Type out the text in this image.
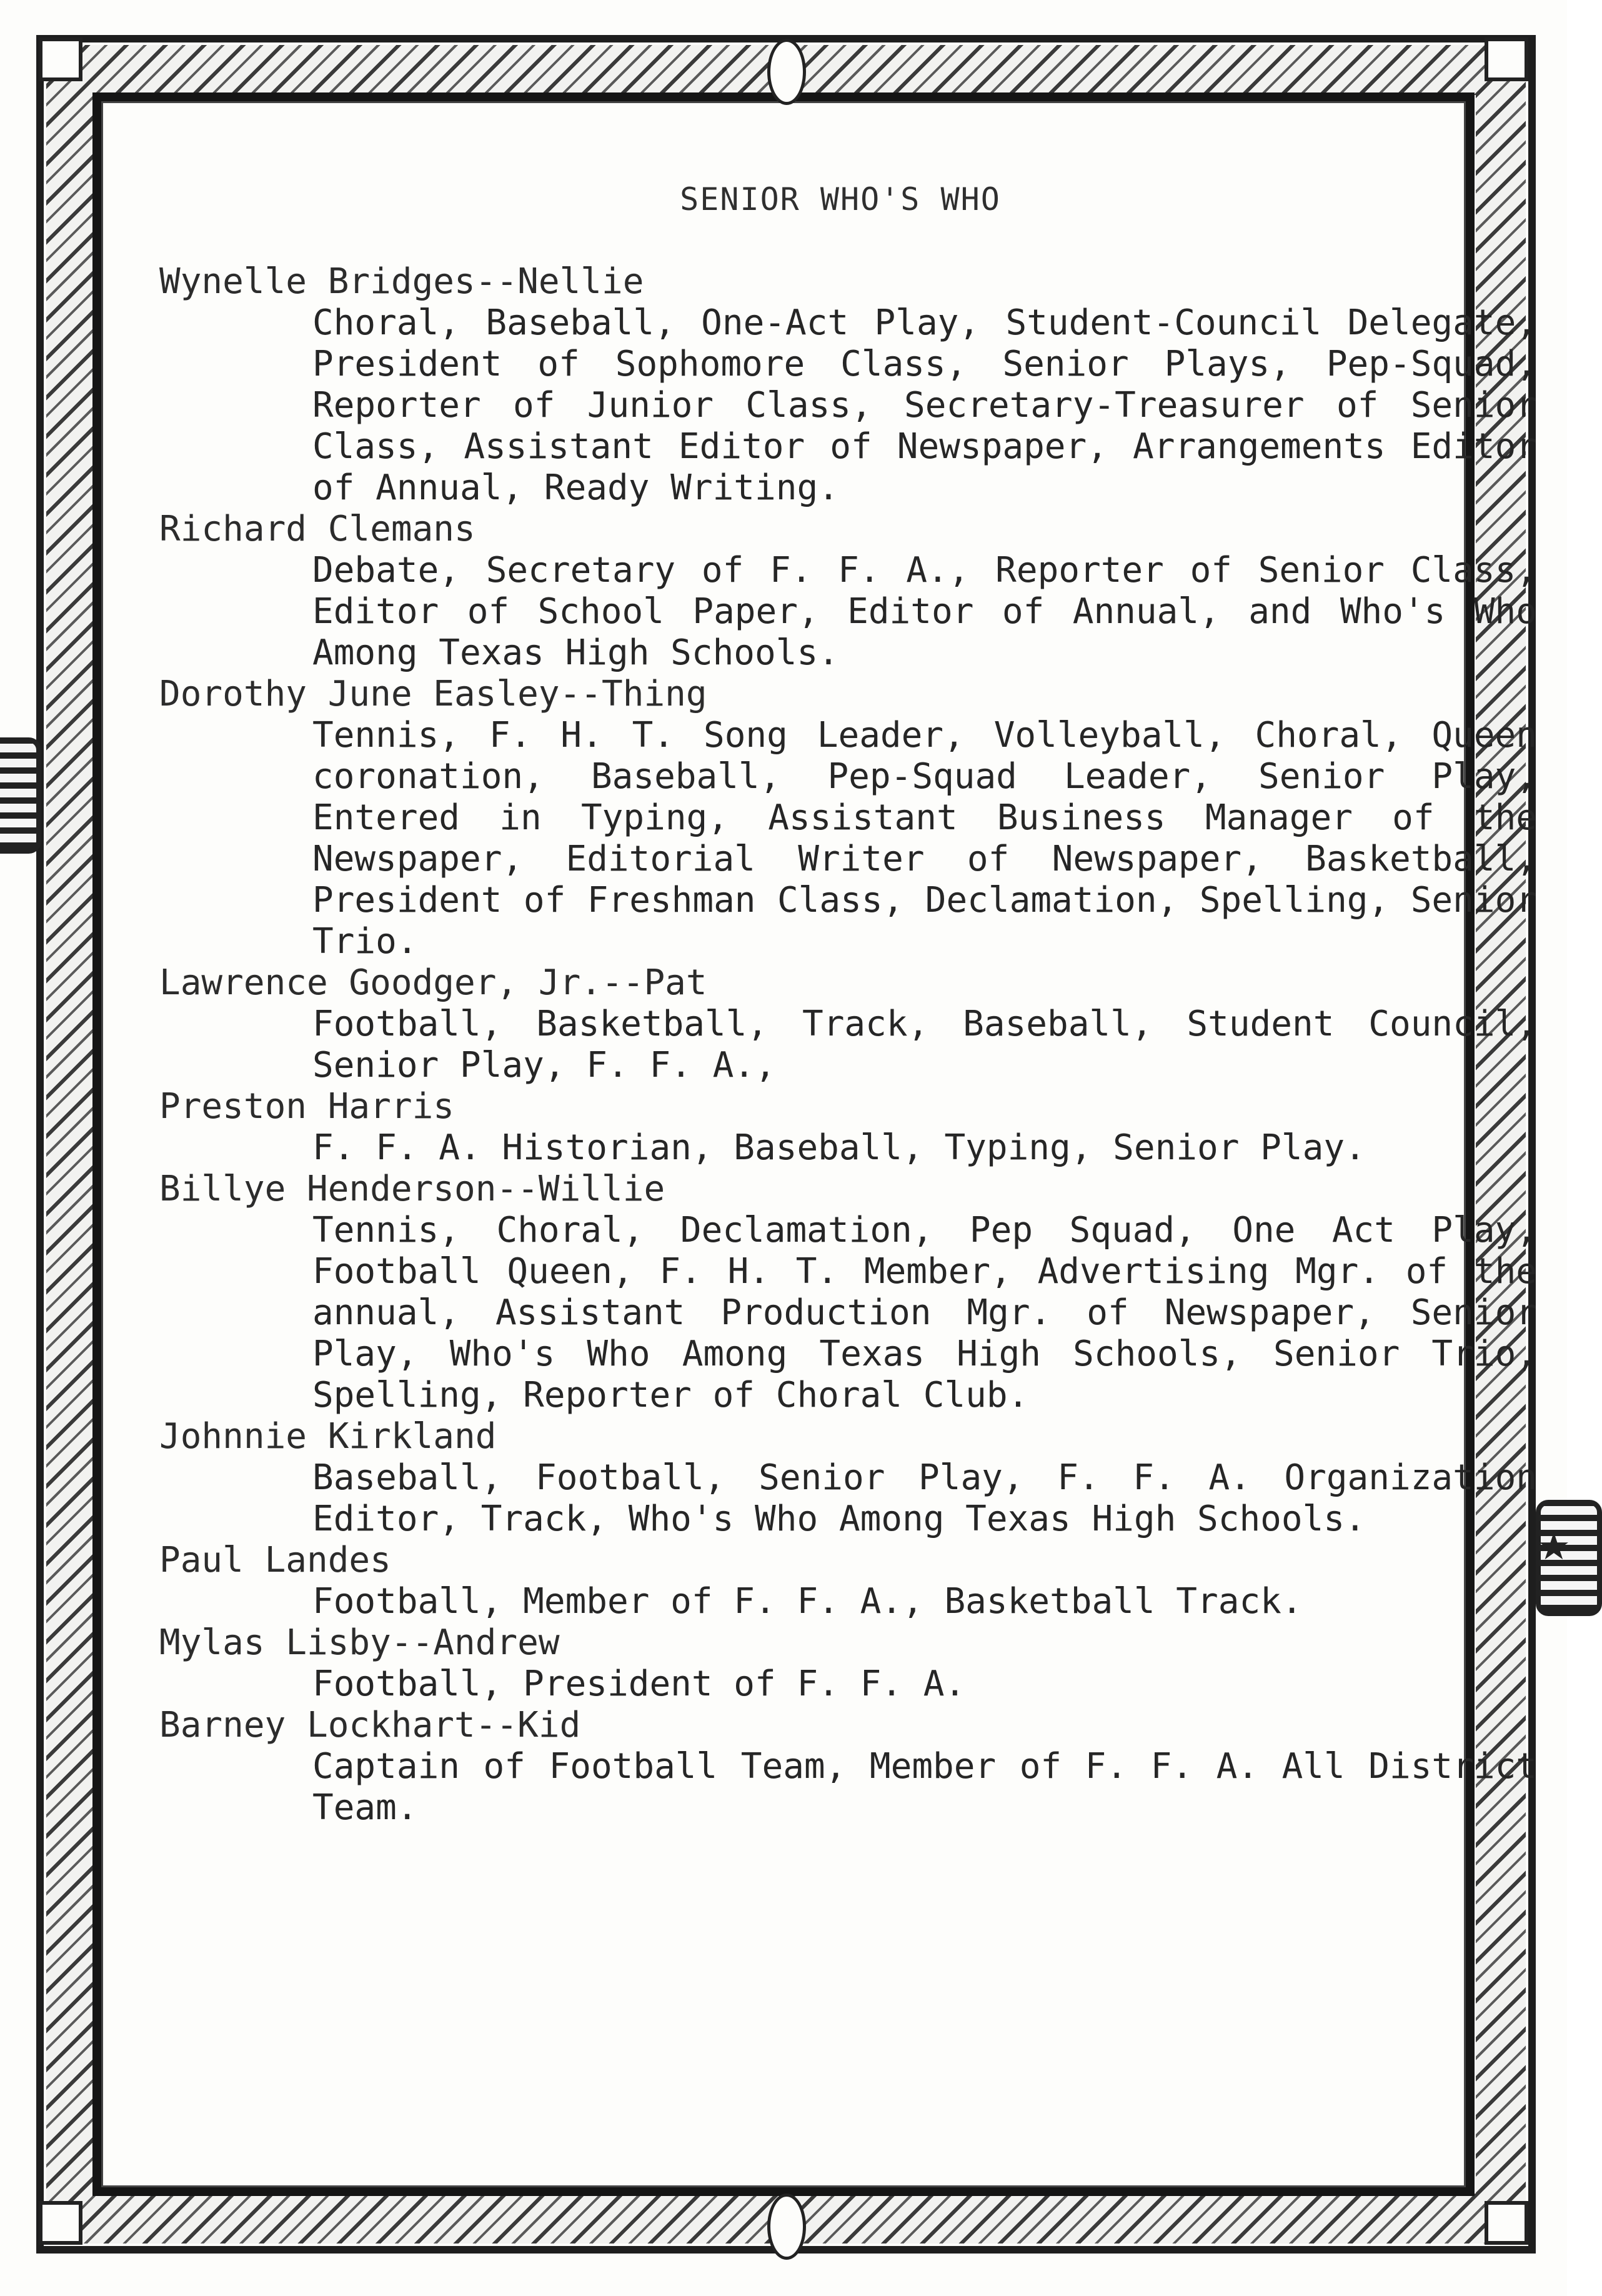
★
SENIOR WHO'S WHO
Wynelle Bridges--Nellie
Choral, Baseball, One-Act Play, Student-Council Delegate, President of Sophomore Class, Senior Plays, Pep-Squad, Reporter of Junior Class, Secretary-Treasurer of Senior Class, Assistant Editor of Newspaper, Arrangements Editor of Annual, Ready Writing.
Richard Clemans
Debate, Secretary of F. F. A., Reporter of Senior Class, Editor of School Paper, Editor of Annual, and Who's Who Among Texas High Schools.
Dorothy June Easley--Thing
Tennis, F. H. T. Song Leader, Volleyball, Choral, Queen coronation, Baseball, Pep-Squad Leader, Senior Play, Entered in Typing, Assistant Business Manager of the Newspaper, Editorial Writer of Newspaper, Basketball, President of Freshman Class, Declamation, Spelling, Senior Trio.
Lawrence Goodger, Jr.--Pat
Football, Basketball, Track, Baseball, Student Council, Senior Play, F. F. A.,
Preston Harris
F. F. A. Historian, Baseball, Typing, Senior Play.
Billye Henderson--Willie
Tennis, Choral, Declamation, Pep Squad, One Act Play, Football Queen, F. H. T. Member, Advertising Mgr. of the annual, Assistant Production Mgr. of Newspaper, Senior Play, Who's Who Among Texas High Schools, Senior Trio, Spelling, Reporter of Choral Club.
Johnnie Kirkland
Baseball, Football, Senior Play, F. F. A. Organization Editor, Track, Who's Who Among Texas High Schools.
Paul Landes
Football, Member of F. F. A., Basketball Track.
Mylas Lisby--Andrew
Football, President of F. F. A.
Barney Lockhart--Kid
Captain of Football Team, Member of F. F. A. All District Team.
